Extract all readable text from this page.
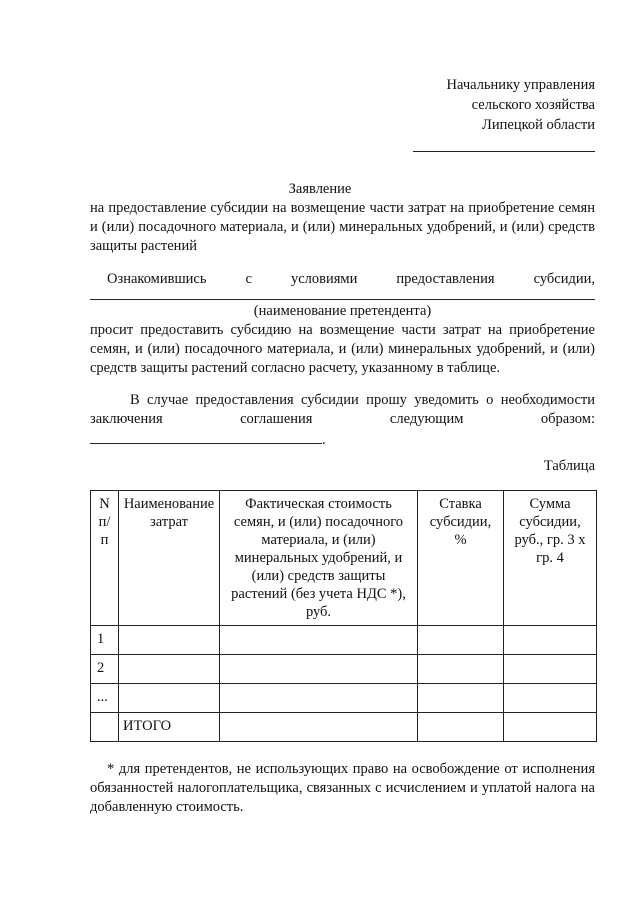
Начальнику управления
сельского хозяйства
Липецкой области
Заявление
на предоставление субсидии на возмещение части затрат на приобретение семян и (или) посадочного материала, и (или) минеральных удобрений, и (или) средств защиты растений
Ознакомившись с условиями предоставления субсидии,
(наименование претендента)
просит предоставить субсидию на возмещение части затрат на приобретение семян, и (или) посадочного материала, и (или) минеральных удобрений, и (или) средств защиты растений согласно расчету, указанному в таблице.
В случае предоставления субсидии прошу уведомить о необходимости заключения соглашения следующим образом: .
Таблица
N п/п	Наименование затрат	Фактическая стоимость семян, и (или) посадочного материала, и (или) минеральных удобрений, и (или) средств защиты растений (без учета НДС *), руб.	Ставка субсидии, %	Сумма субсидии, руб., гр. 3 x гр. 4
1				
2				
...				
	ИТОГО			
* для претендентов, не использующих право на освобождение от исполнения обязанностей налогоплательщика, связанных с исчислением и уплатой налога на добавленную стоимость.
